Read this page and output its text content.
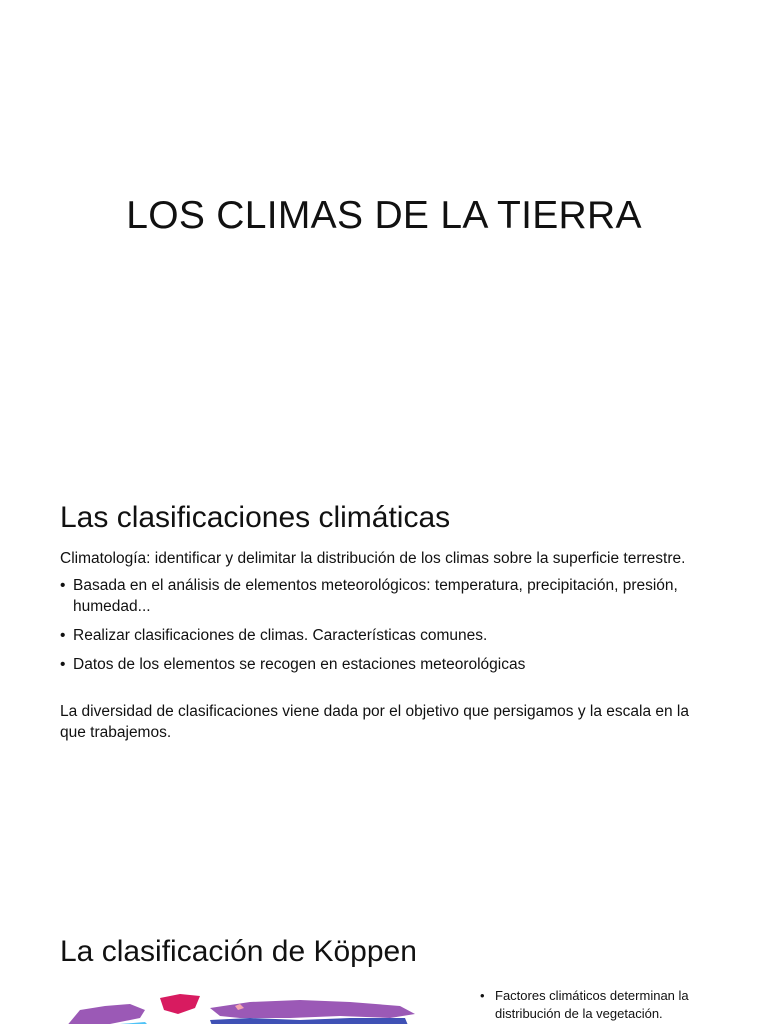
LOS CLIMAS DE LA TIERRA
Las clasificaciones climáticas

Climatología: identificar y delimitar la distribución de los climas sobre la superficie terrestre.

• Basada en el análisis de elementos meteorológicos: temperatura, precipitación, presión, humedad...
• Realizar clasificaciones de climas. Características comunes.
• Datos de los elementos se recogen en estaciones meteorológicas

La diversidad de clasificaciones viene dada por el objetivo que persigamos y la escala en la que trabajemos.

La clasificación de Köppen
• Factores climáticos determinan la distribución de la vegetación.
